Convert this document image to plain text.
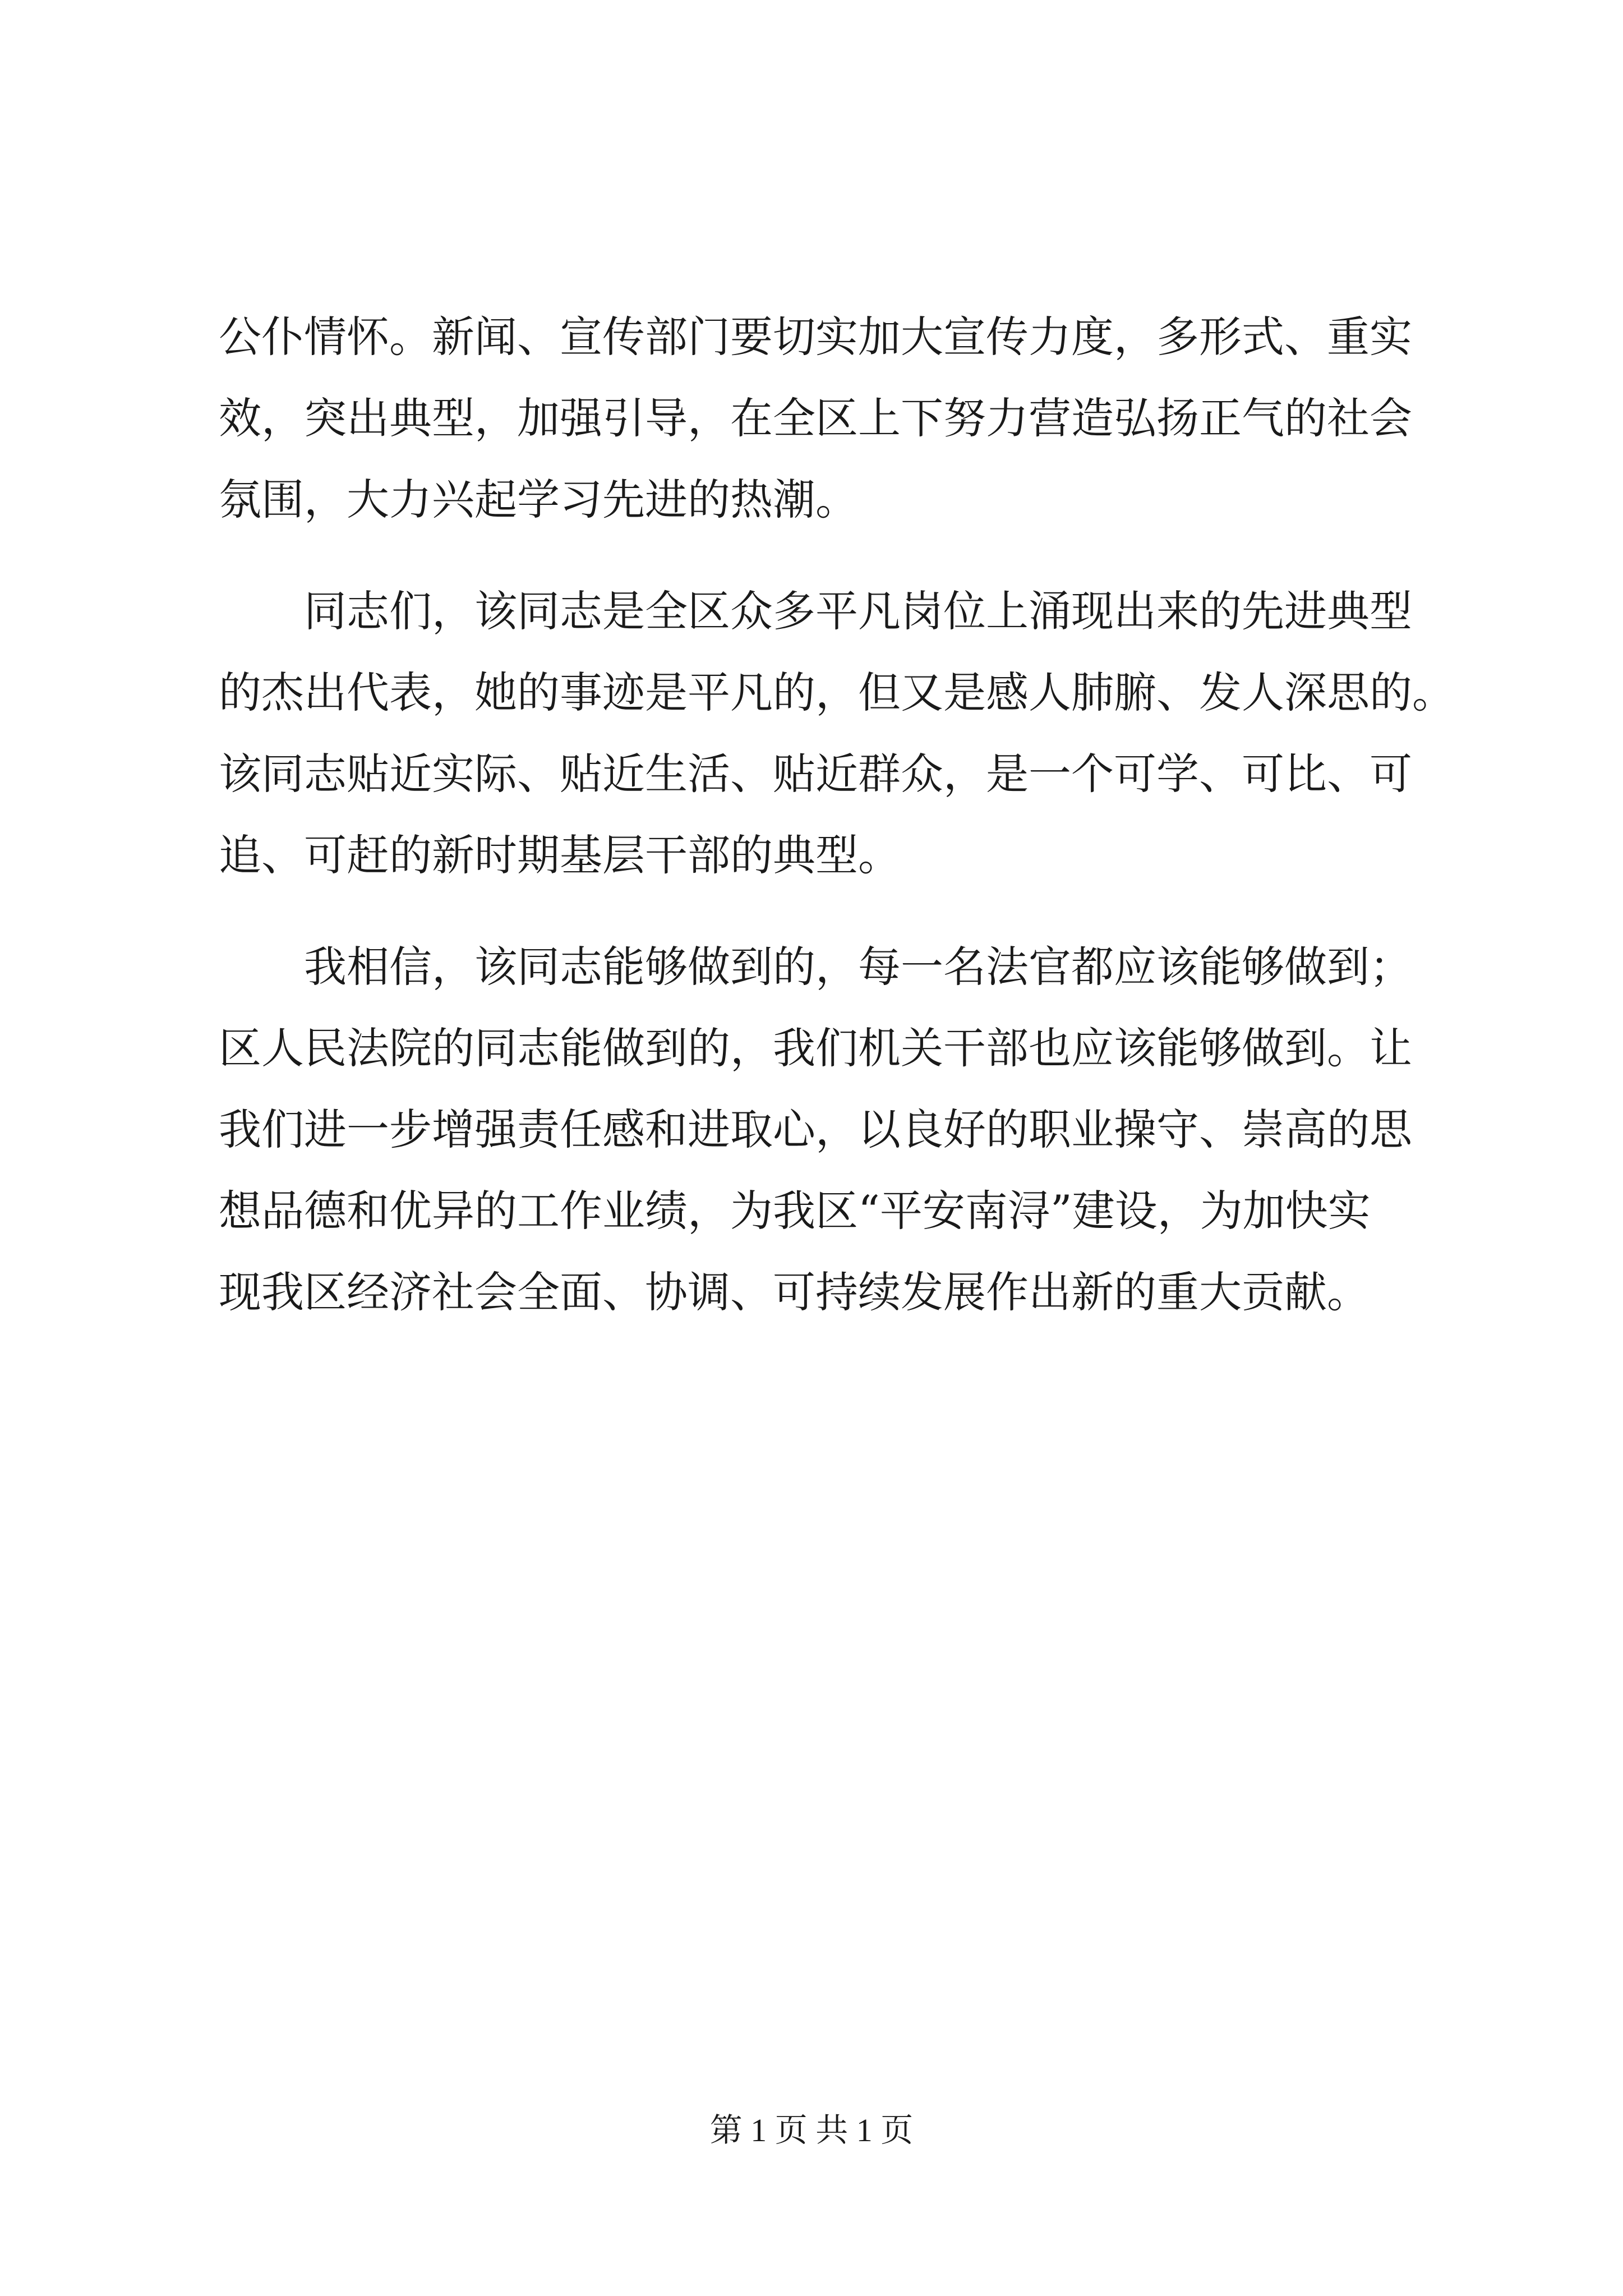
公仆情怀。新闻、宣传部门要切实加大宣传力度，多形式、重实
效，突出典型，加强引导，在全区上下努力营造弘扬正气的社会
氛围，大力兴起学习先进的热潮。
同志们，该同志是全区众多平凡岗位上涌现出来的先进典型
的杰出代表，她的事迹是平凡的，但又是感人肺腑、发人深思的。
该同志贴近实际、贴近生活、贴近群众，是一个可学、可比、可
追、可赶的新时期基层干部的典型。
我相信，该同志能够做到的，每一名法官都应该能够做到；
区人民法院的同志能做到的，我们机关干部也应该能够做到。让
我们进一步增强责任感和进取心，以良好的职业操守、崇高的思
想品德和优异的工作业绩，为我区“平安南浔”建设，为加快实
现我区经济社会全面、协调、可持续发展作出新的重大贡献。
第 1 页 共 1 页
